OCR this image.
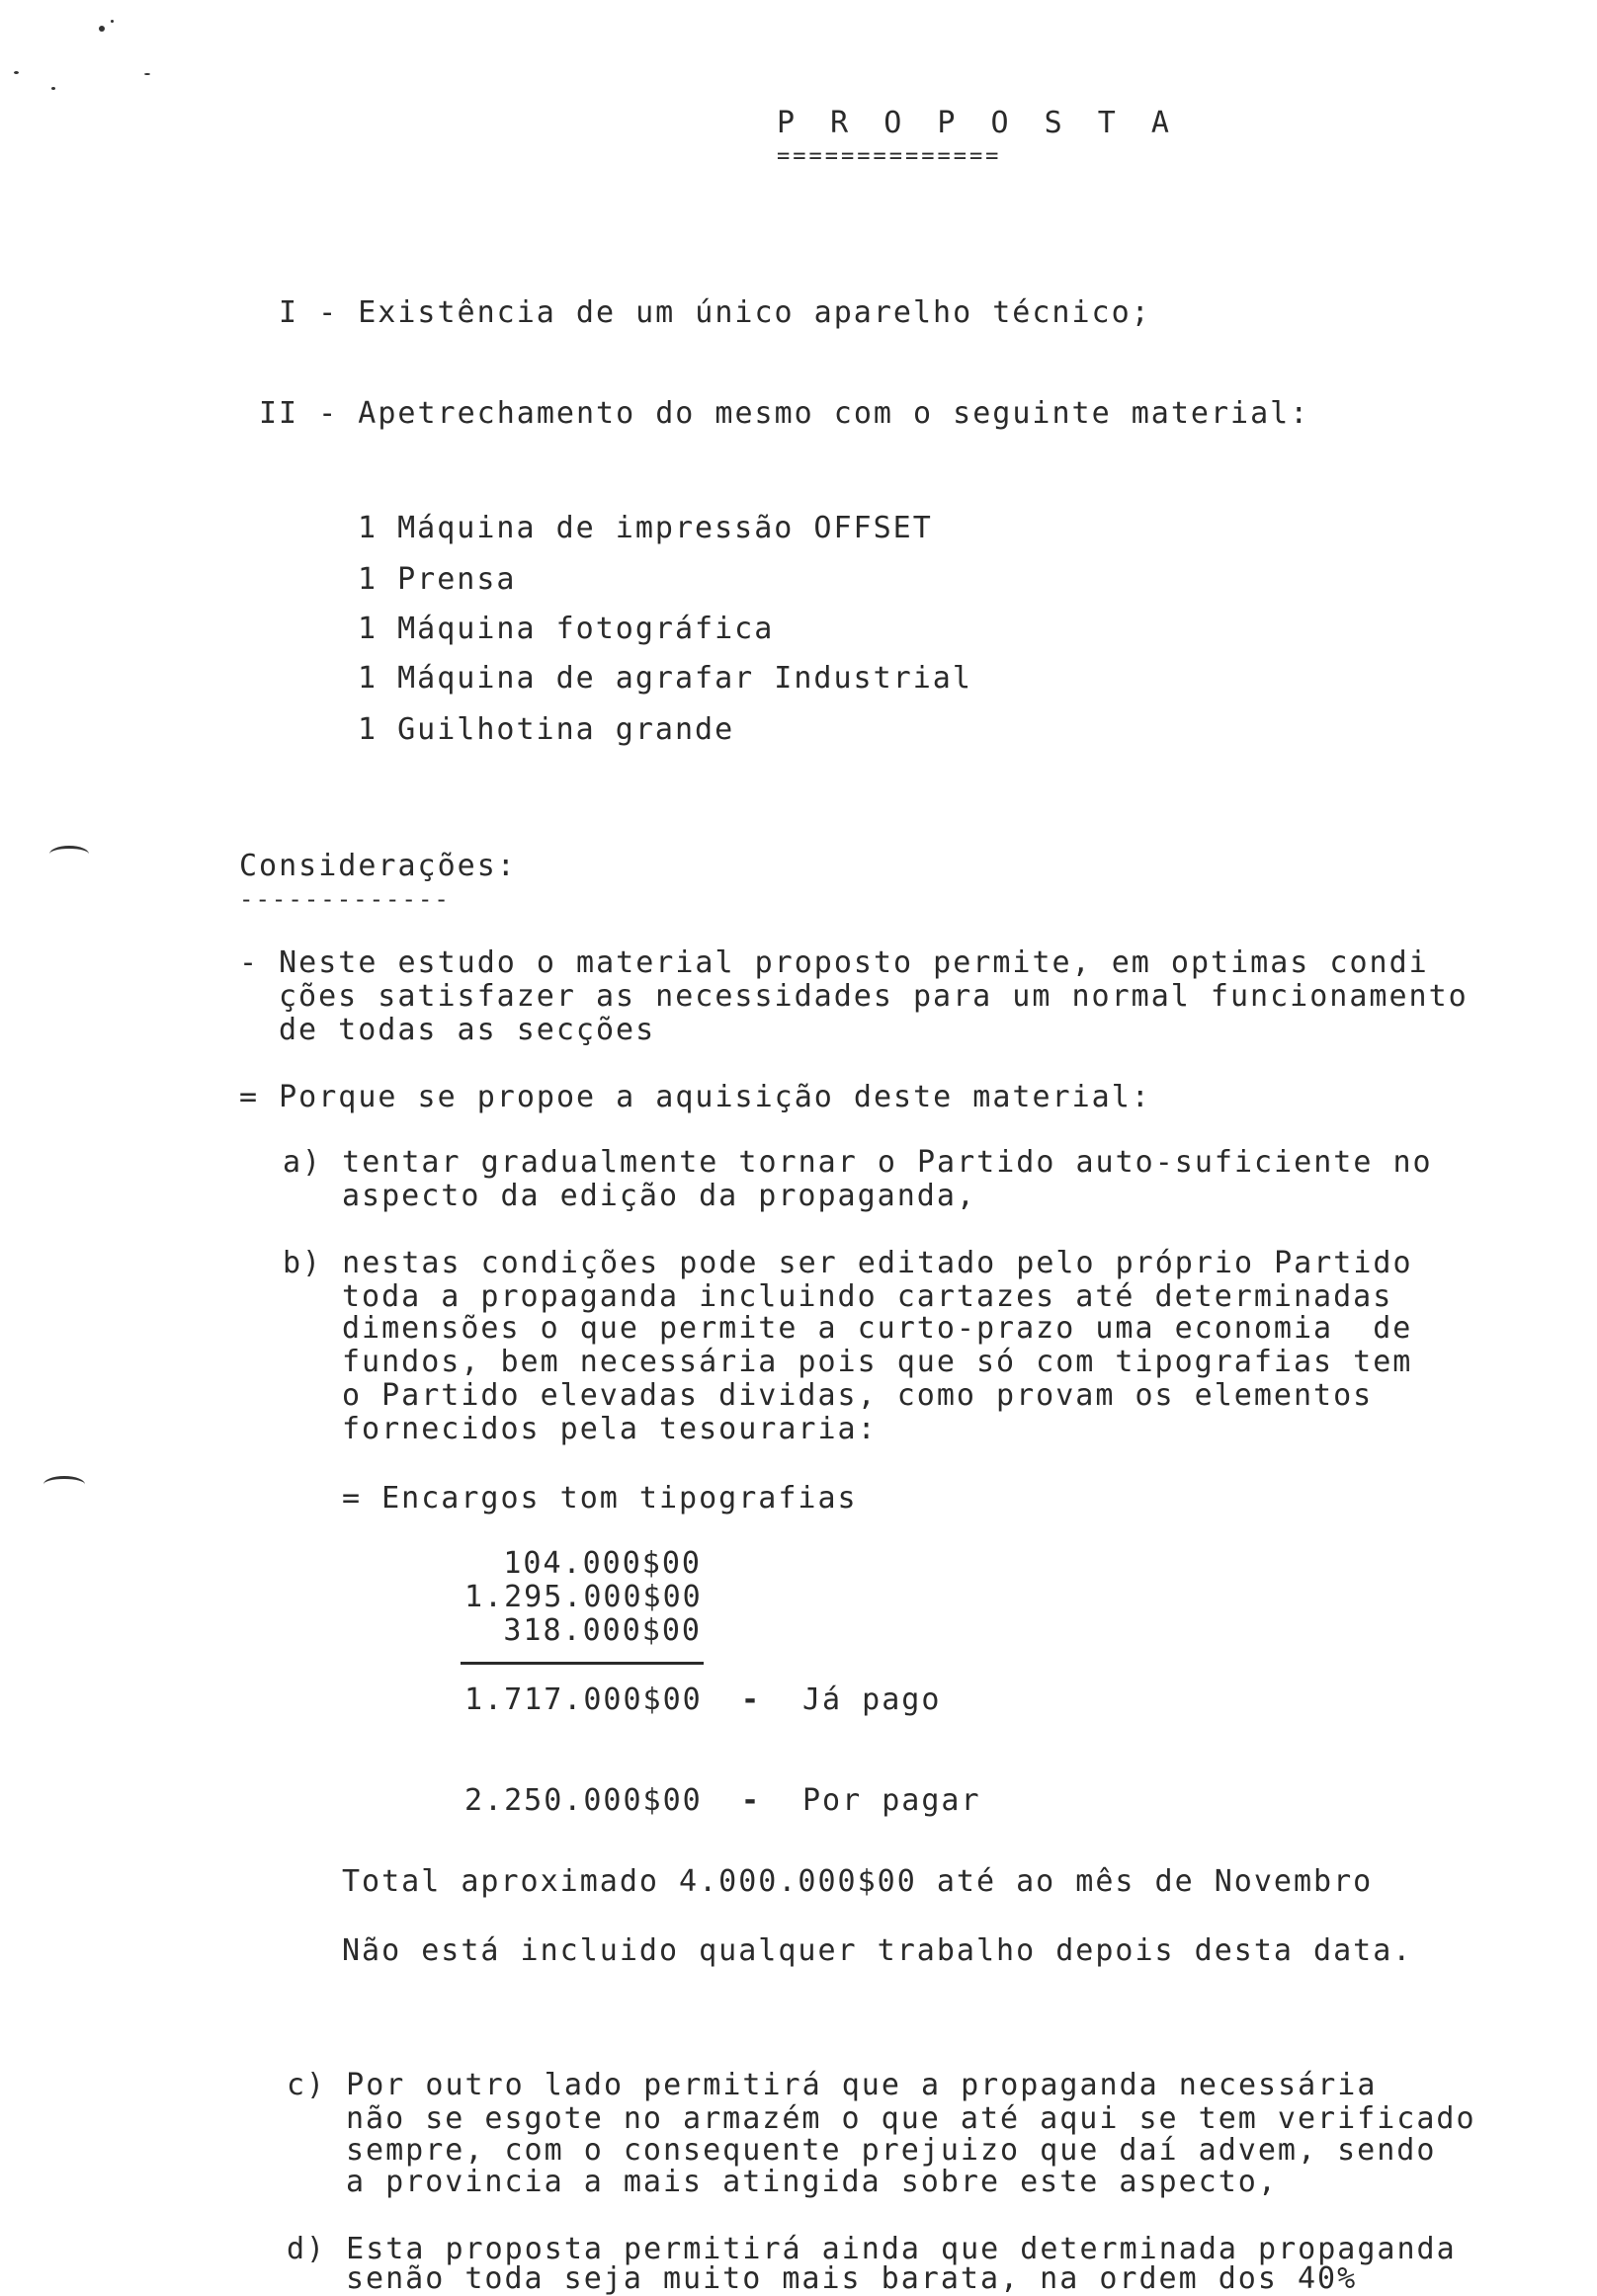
P R O P O S T A
==============
I - Existência de um único aparelho técnico;
II - Apetrechamento do mesmo com o seguinte material:
1 Máquina de impressão OFFSET
1 Prensa
1 Máquina fotográfica
1 Máquina de agrafar Industrial
1 Guilhotina grande
Considerações:
-------------
- Neste estudo o material proposto permite, em optimas condi
ções satisfazer as necessidades para um normal funcionamento
de todas as secções
= Porque se propoe a aquisição deste material:
a) tentar gradualmente tornar o Partido auto-suficiente no
aspecto da edição da propaganda,
b) nestas condições pode ser editado pelo próprio Partido
toda a propaganda incluindo cartazes até determinadas
dimensões o que permite a curto-prazo uma economia  de
fundos, bem necessária pois que só com tipografias tem
o Partido elevadas dividas, como provam os elementos
fornecidos pela tesouraria:
= Encargos tom tipografias
104.000$00
1.295.000$00
318.000$00
1.717.000$00 - Já pago
2.250.000$00 - Por pagar
Total aproximado 4.000.000$00 até ao mês de Novembro
Não está incluido qualquer trabalho depois desta data.
c) Por outro lado permitirá que a propaganda necessária
não se esgote no armazém o que até aqui se tem verificado
sempre, com o consequente prejuizo que daí advem, sendo
a provincia a mais atingida sobre este aspecto,
d) Esta proposta permitirá ainda que determinada propaganda
senão toda seja muito mais barata, na ordem dos 40%
